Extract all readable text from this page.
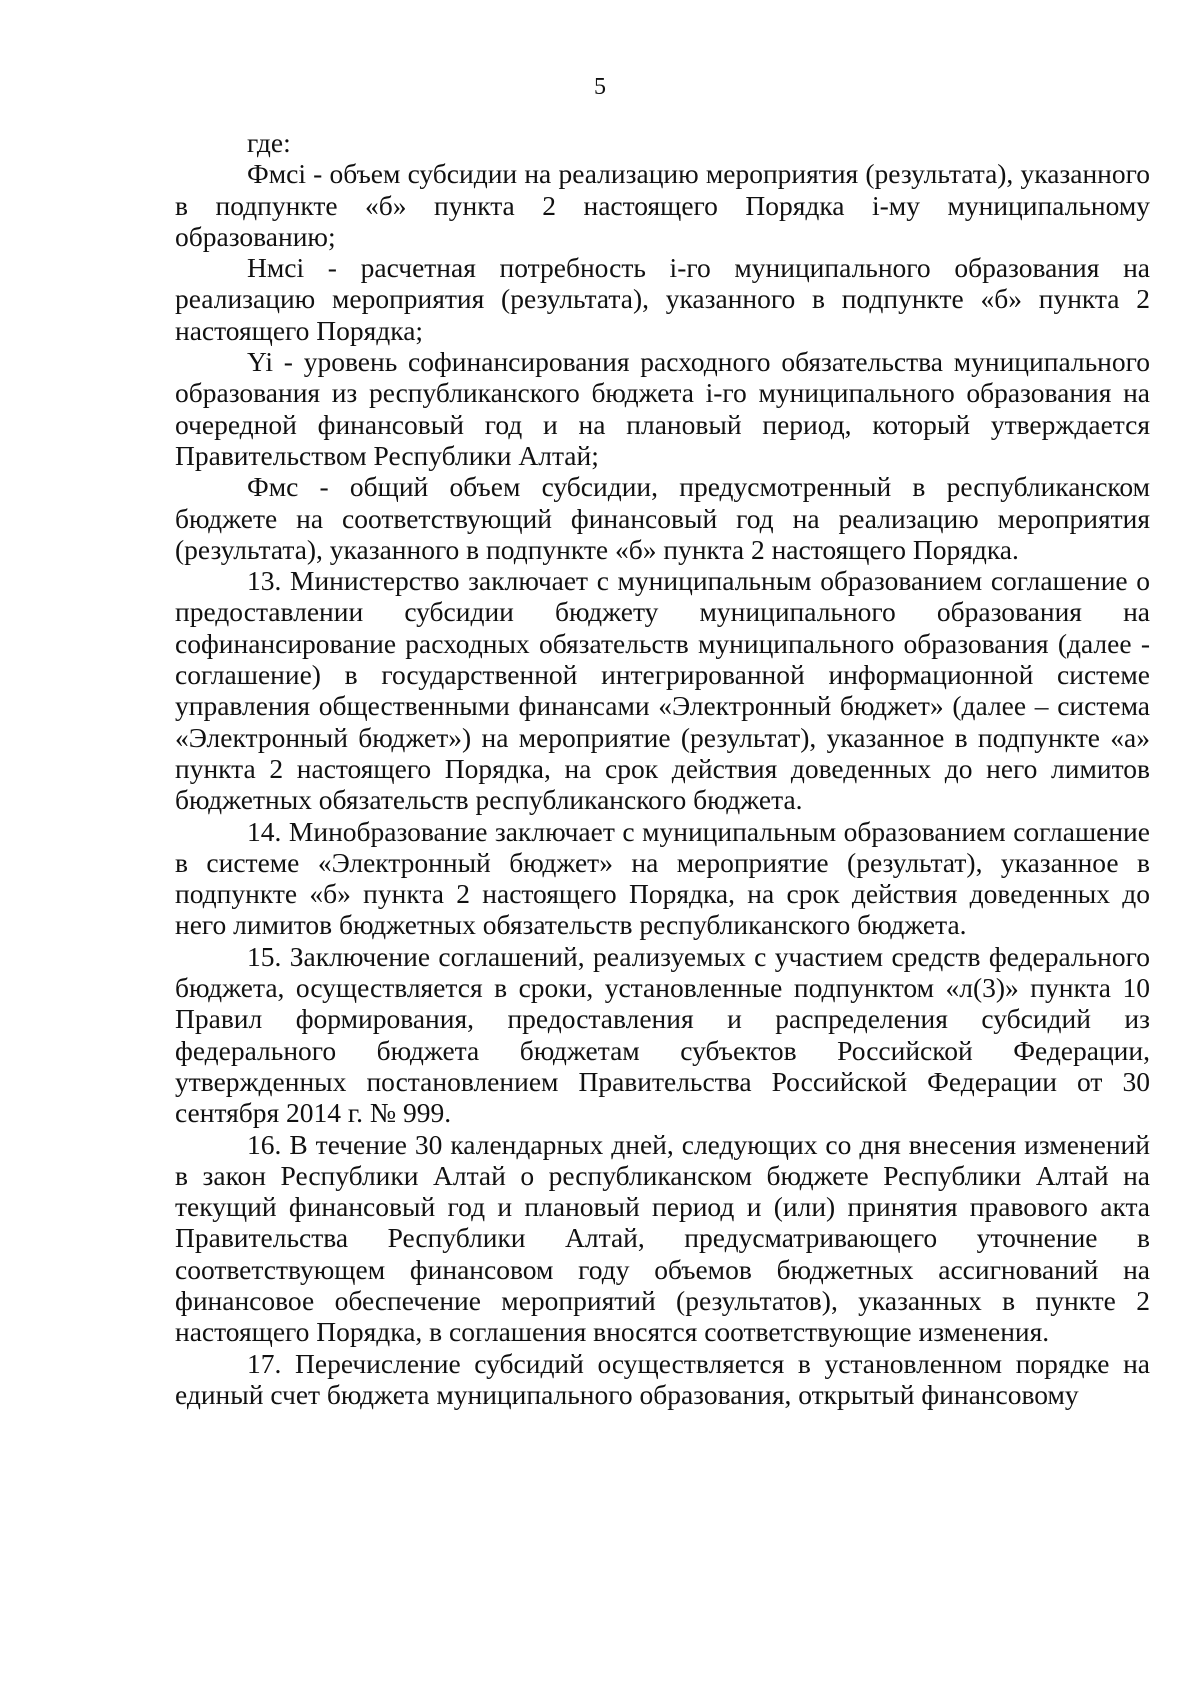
5

где:

Фмсi - объем субсидии на реализацию мероприятия (результата), указанного в подпункте «б» пункта 2 настоящего Порядка i-му муниципальному образованию;

Нмсi - расчетная потребность i-го муниципального образования на реализацию мероприятия (результата), указанного в подпункте «б» пункта 2 настоящего Порядка;

Yi - уровень софинансирования расходного обязательства муниципального образования из республиканского бюджета i-го муниципального образования на очередной финансовый год и на плановый период, который утверждается Правительством Республики Алтай;

Фмс - общий объем субсидии, предусмотренный в республиканском бюджете на соответствующий финансовый год на реализацию мероприятия (результата), указанного в подпункте «б» пункта 2 настоящего Порядка.

13. Министерство заключает с муниципальным образованием соглашение о предоставлении субсидии бюджету муниципального образования на софинансирование расходных обязательств муниципального образования (далее - соглашение) в государственной интегрированной информационной системе управления общественными финансами «Электронный бюджет» (далее – система «Электронный бюджет») на мероприятие (результат), указанное в подпункте «а» пункта 2 настоящего Порядка, на срок действия доведенных до него лимитов бюджетных обязательств республиканского бюджета.

14. Минобразование заключает с муниципальным образованием соглашение в системе «Электронный бюджет» на мероприятие (результат), указанное в подпункте «б» пункта 2 настоящего Порядка, на срок действия доведенных до него лимитов бюджетных обязательств республиканского бюджета.

15. Заключение соглашений, реализуемых с участием средств федерального бюджета, осуществляется в сроки, установленные подпунктом «л(3)» пункта 10 Правил формирования, предоставления и распределения субсидий из федерального бюджета бюджетам субъектов Российской Федерации, утвержденных постановлением Правительства Российской Федерации от 30 сентября 2014 г. № 999.

16. В течение 30 календарных дней, следующих со дня внесения изменений в закон Республики Алтай о республиканском бюджете Республики Алтай на текущий финансовый год и плановый период и (или) принятия правового акта Правительства Республики Алтай, предусматривающего уточнение в соответствующем финансовом году объемов бюджетных ассигнований на финансовое обеспечение мероприятий (результатов), указанных в пункте 2 настоящего Порядка, в соглашения вносятся соответствующие изменения.

17. Перечисление субсидий осуществляется в установленном порядке на единый счет бюджета муниципального образования, открытый финансовому
